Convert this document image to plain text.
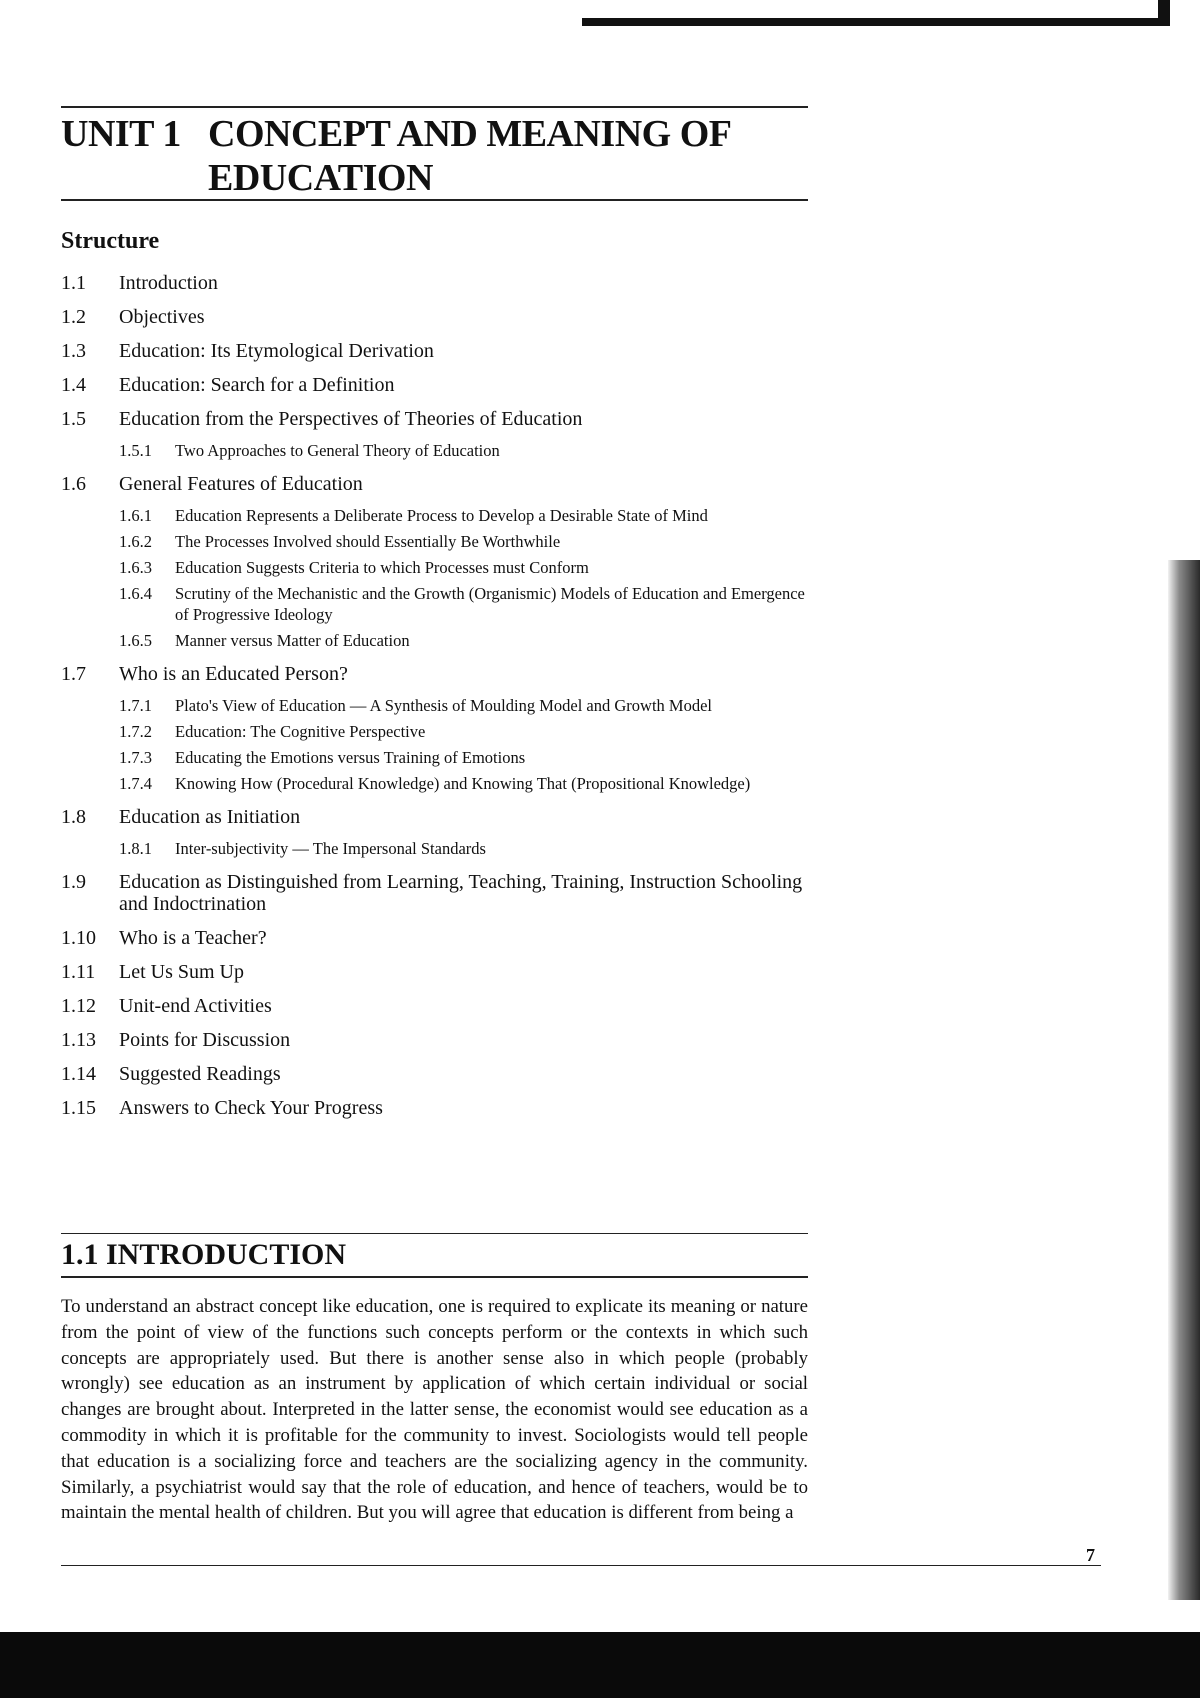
UNIT 1 CONCEPT AND MEANING OF EDUCATION
Structure
1.1	Introduction
1.2	Objectives
1.3	Education: Its Etymological Derivation
1.4	Education: Search for a Definition
1.5	Education from the Perspectives of Theories of Education
1.5.1	Two Approaches to General Theory of Education
1.6	General Features of Education
1.6.1	Education Represents a Deliberate Process to Develop a Desirable State of Mind
1.6.2	The Processes Involved should Essentially Be Worthwhile
1.6.3	Education Suggests Criteria to which Processes must Conform
1.6.4	Scrutiny of the Mechanistic and the Growth (Organismic) Models of Education and Emergence of Progressive Ideology
1.6.5	Manner versus Matter of Education
1.7	Who is an Educated Person?
1.7.1	Plato's View of Education — A Synthesis of Moulding Model and Growth Model
1.7.2	Education: The Cognitive Perspective
1.7.3	Educating the Emotions versus Training of Emotions
1.7.4	Knowing How (Procedural Knowledge) and Knowing That (Propositional Knowledge)
1.8	Education as Initiation
1.8.1	Inter-subjectivity — The Impersonal Standards
1.9	Education as Distinguished from Learning, Teaching, Training, Instruction Schooling and Indoctrination
1.10	Who is a Teacher?
1.11	Let Us Sum Up
1.12	Unit-end Activities
1.13	Points for Discussion
1.14	Suggested Readings
1.15	Answers to Check Your Progress
1.1 INTRODUCTION
To understand an abstract concept like education, one is required to explicate its meaning or nature from the point of view of the functions such concepts perform or the contexts in which such concepts are appropriately used. But there is another sense also in which people (probably wrongly) see education as an instrument by application of which certain individual or social changes are brought about. Interpreted in the latter sense, the economist would see education as a commodity in which it is profitable for the community to invest. Sociologists would tell people that education is a socializing force and teachers are the socializing agency in the community. Similarly, a psychiatrist would say that the role of education, and hence of teachers, would be to maintain the mental health of children. But you will agree that education is different from being a
7
